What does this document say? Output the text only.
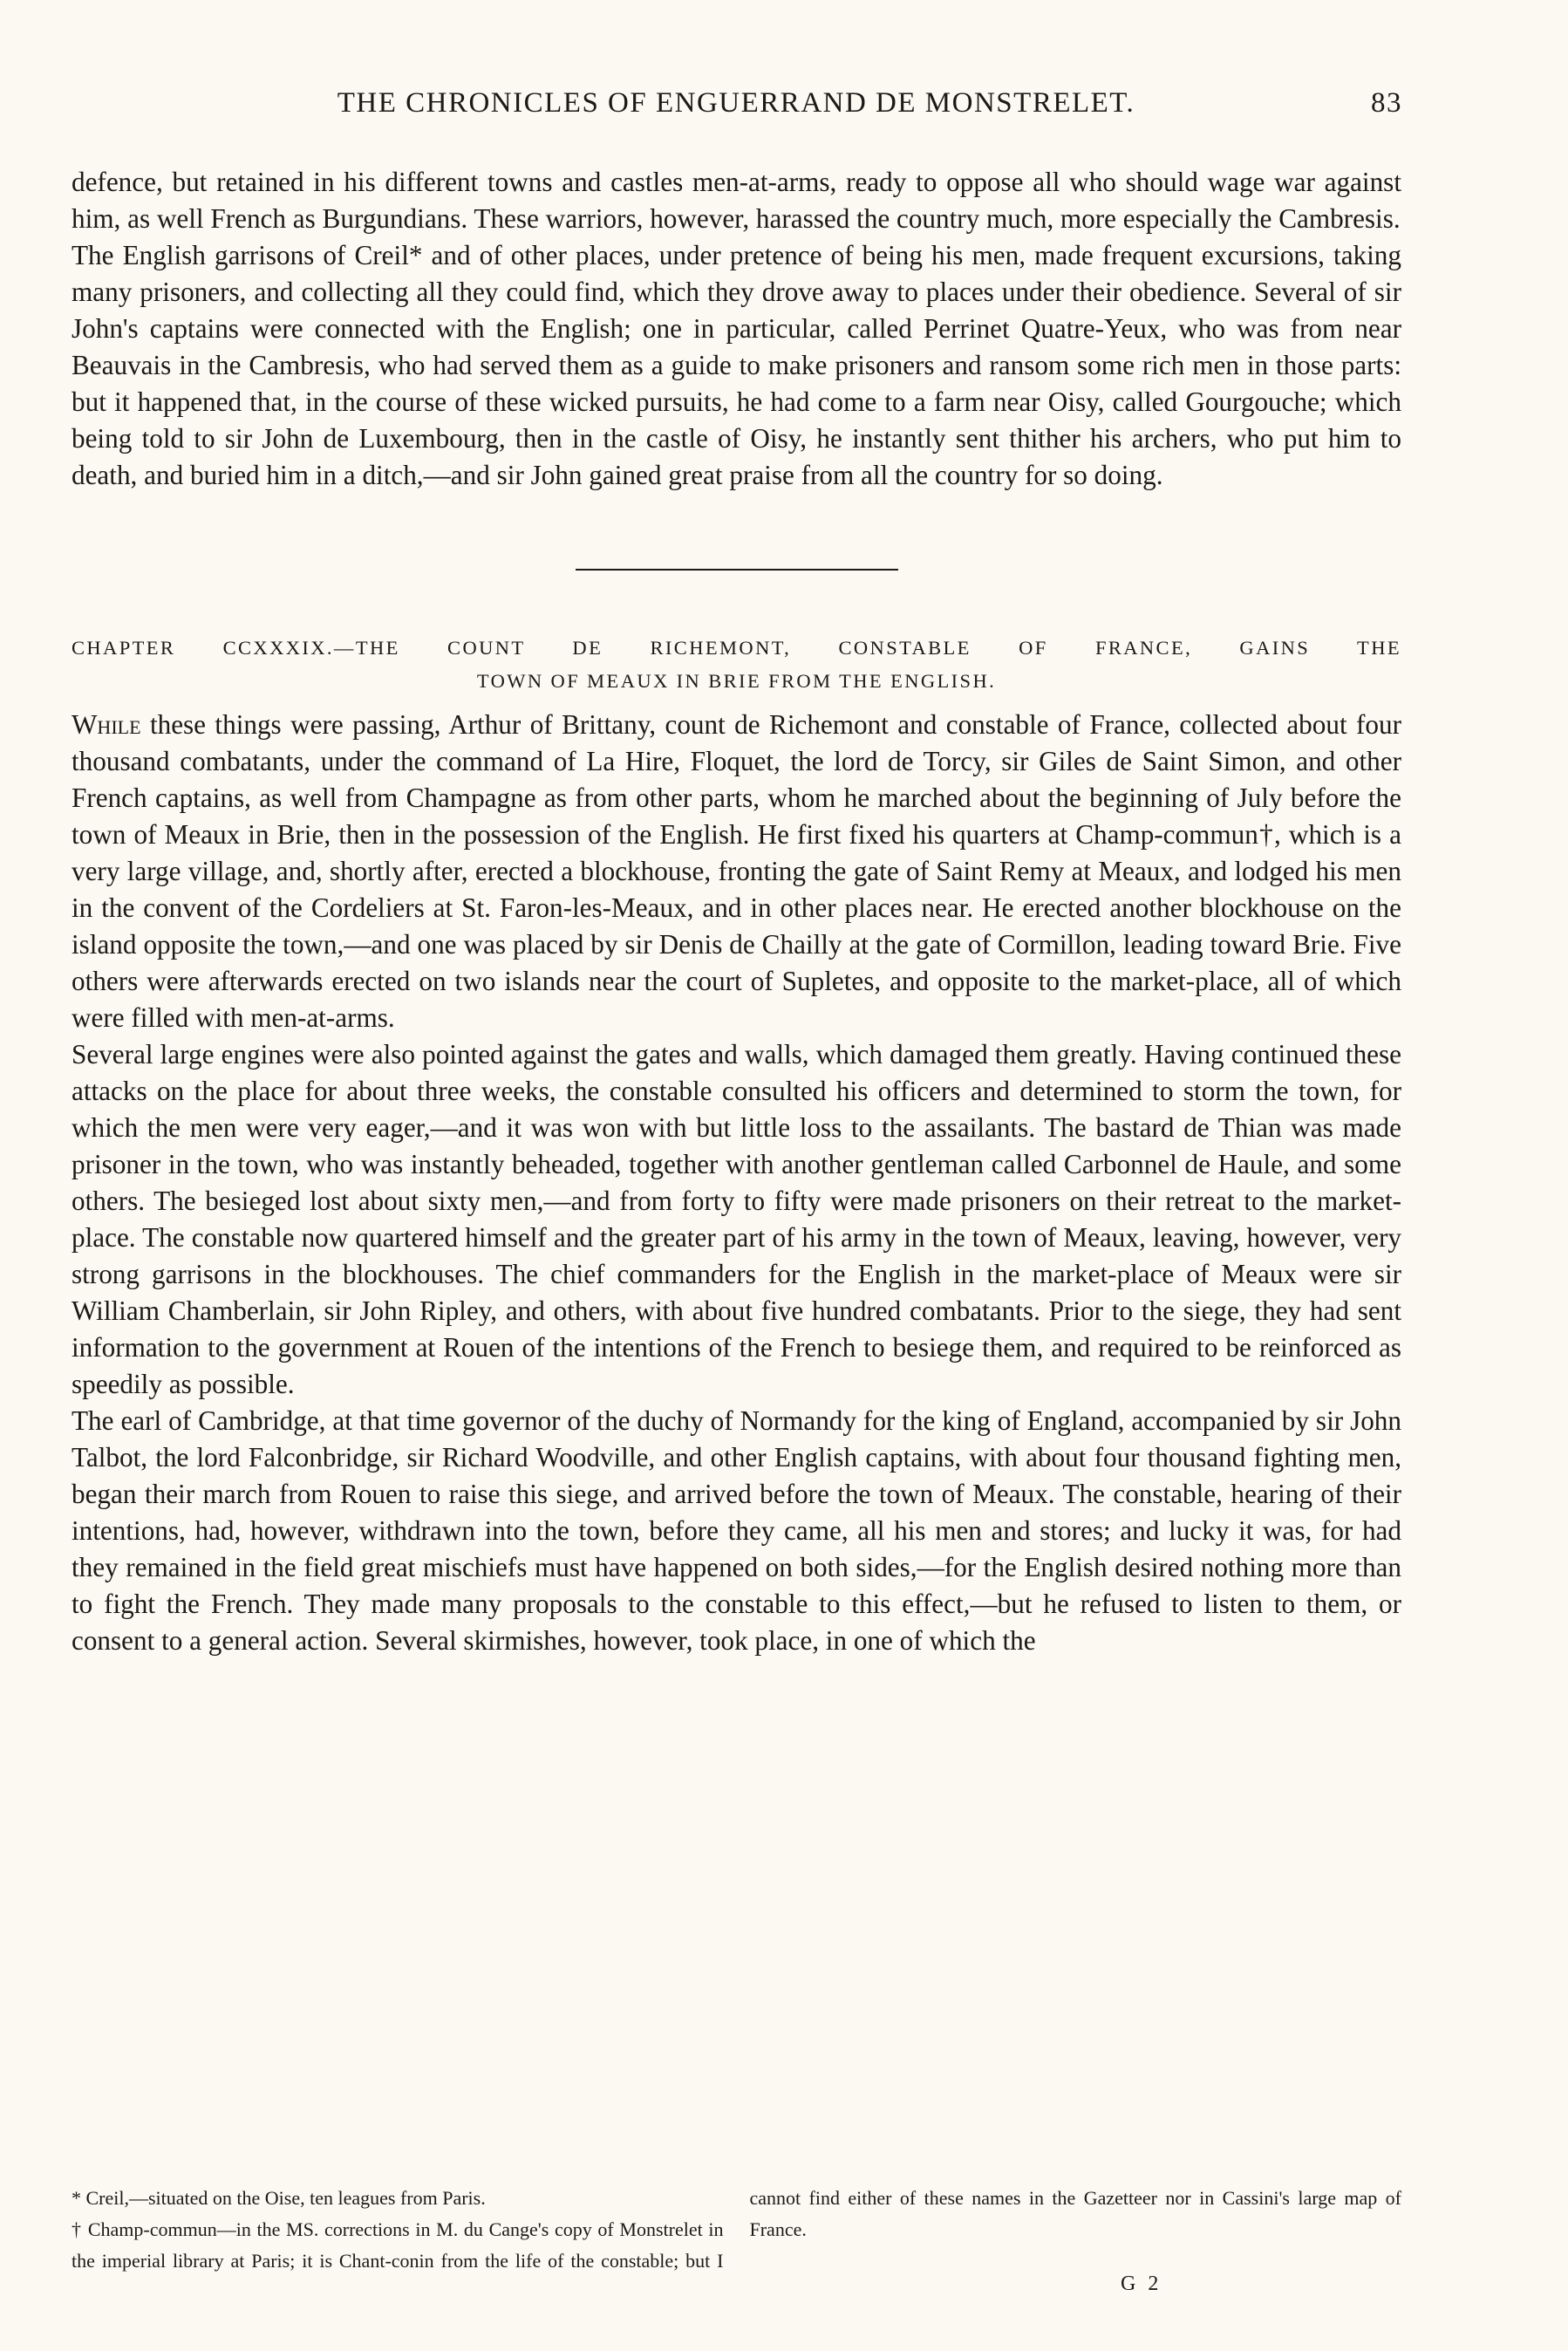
THE CHRONICLES OF ENGUERRAND DE MONSTRELET.	83

defence, but retained in his different towns and castles men-at-arms, ready to oppose all who should wage war against him, as well French as Burgundians. These warriors, however, harassed the country much, more especially the Cambresis.

The English garrisons of Creil* and of other places, under pretence of being his men, made frequent excursions, taking many prisoners, and collecting all they could find, which they drove away to places under their obedience. Several of sir John's captains were connected with the English; one in particular, called Perrinet Quatre-Yeux, who was from near Beauvais in the Cambresis, who had served them as a guide to make prisoners and ransom some rich men in those parts: but it happened that, in the course of these wicked pursuits, he had come to a farm near Oisy, called Gourgouche; which being told to sir John de Luxembourg, then in the castle of Oisy, he instantly sent thither his archers, who put him to death, and buried him in a ditch,—and sir John gained great praise from all the country for so doing.

CHAPTER CCXXXIX.—THE COUNT DE RICHEMONT, CONSTABLE OF FRANCE, GAINS THE
TOWN OF MEAUX IN BRIE FROM THE ENGLISH.

While these things were passing, Arthur of Brittany, count de Richemont and constable of France, collected about four thousand combatants, under the command of La Hire, Floquet, the lord de Torcy, sir Giles de Saint Simon, and other French captains, as well from Champagne as from other parts, whom he marched about the beginning of July before the town of Meaux in Brie, then in the possession of the English. He first fixed his quarters at Champ-commun†, which is a very large village, and, shortly after, erected a blockhouse, fronting the gate of Saint Remy at Meaux, and lodged his men in the convent of the Cordeliers at St. Faron-les-Meaux, and in other places near. He erected another blockhouse on the island opposite the town,—and one was placed by sir Denis de Chailly at the gate of Cormillon, leading toward Brie. Five others were afterwards erected on two islands near the court of Supletes, and opposite to the market-place, all of which were filled with men-at-arms.

Several large engines were also pointed against the gates and walls, which damaged them greatly. Having continued these attacks on the place for about three weeks, the constable consulted his officers and determined to storm the town, for which the men were very eager,—and it was won with but little loss to the assailants. The bastard de Thian was made prisoner in the town, who was instantly beheaded, together with another gentleman called Carbonnel de Haule, and some others. The besieged lost about sixty men,—and from forty to fifty were made prisoners on their retreat to the market-place. The constable now quartered himself and the greater part of his army in the town of Meaux, leaving, however, very strong garrisons in the blockhouses. The chief commanders for the English in the market-place of Meaux were sir William Chamberlain, sir John Ripley, and others, with about five hundred combatants. Prior to the siege, they had sent information to the government at Rouen of the intentions of the French to besiege them, and required to be reinforced as speedily as possible.

The earl of Cambridge, at that time governor of the duchy of Normandy for the king of England, accompanied by sir John Talbot, the lord Falconbridge, sir Richard Woodville, and other English captains, with about four thousand fighting men, began their march from Rouen to raise this siege, and arrived before the town of Meaux. The constable, hearing of their intentions, had, however, withdrawn into the town, before they came, all his men and stores; and lucky it was, for had they remained in the field great mischiefs must have happened on both sides,—for the English desired nothing more than to fight the French. They made many proposals to the constable to this effect,—but he refused to listen to them, or consent to a general action. Several skirmishes, however, took place, in one of which the

* Creil,—situated on the Oise, ten leagues from Paris.

† Champ-commun—in the MS. corrections in M. du Cange's copy of Monstrelet in the imperial library at Paris; it is Chant-conin from the life of the constable; but I cannot find either of these names in the Gazetteer nor in Cassini's large map of France.

G 2
